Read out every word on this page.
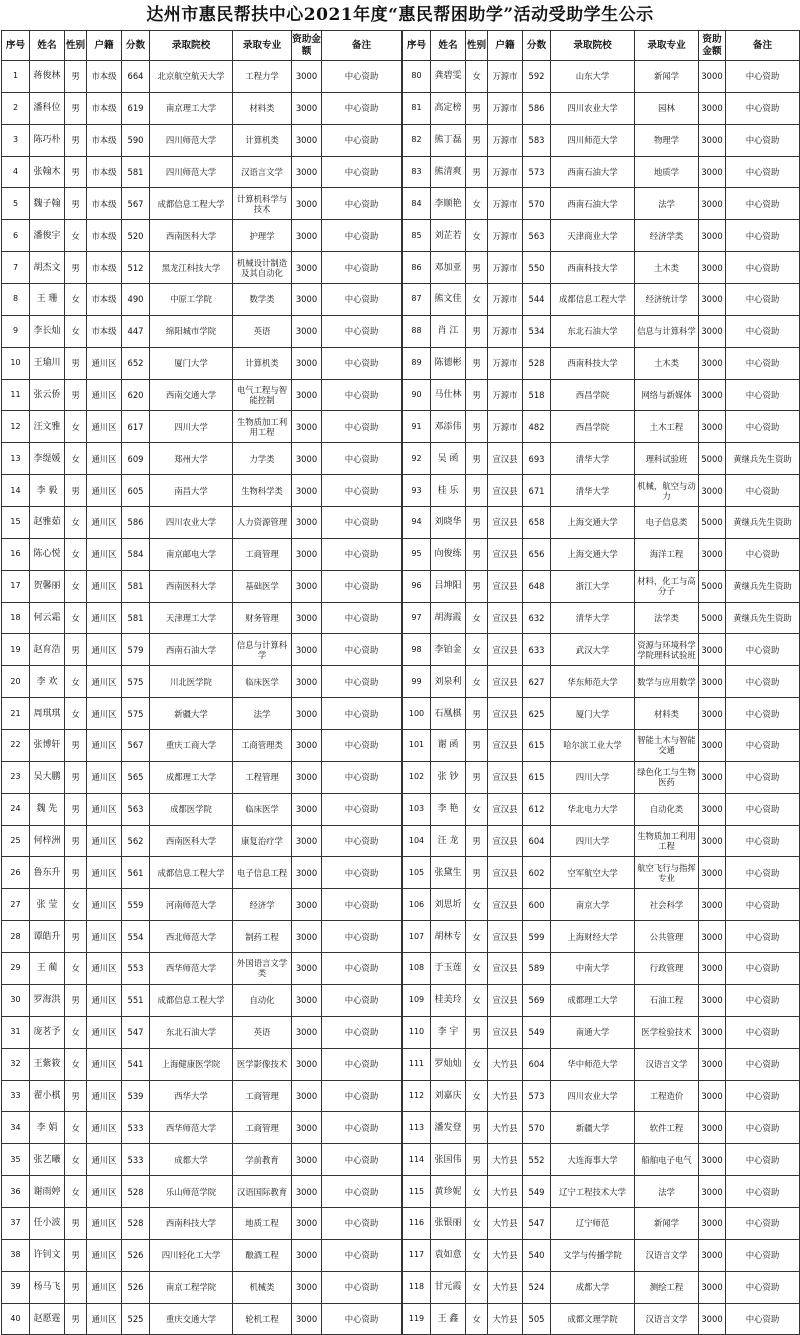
达州市惠民帮扶中心2021年度“惠民帮困助学”活动受助学生公示
序号	姓名	性别	户籍	分数	录取院校	录取专业	资助金额	备注
1	蒋俊林	男	市本级	664	北京航空航天大学	工程力学	3000	中心资助
2	潘科位	男	市本级	619	南京理工大学	材料类	3000	中心资助
3	陈巧朴	男	市本级	590	四川师范大学	计算机类	3000	中心资助
4	张翰木	男	市本级	581	四川师范大学	汉语言文学	3000	中心资助
5	魏子翰	男	市本级	567	成都信息工程大学	计算机科学与技术	3000	中心资助
6	潘俊宇	女	市本级	520	西南医科大学	护理学	3000	中心资助
7	胡杰文	男	市本级	512	黑龙江科技大学	机械设计制造及其自动化	3000	中心资助
8	王 珊	女	市本级	490	中原工学院	数学类	3000	中心资助
9	李长灿	女	市本级	447	绵阳城市学院	英语	3000	中心资助
10	王瑜川	男	通川区	652	厦门大学	计算机类	3000	中心资助
11	张云侨	男	通川区	620	西南交通大学	电气工程与智能控制	3000	中心资助
12	汪文雅	女	通川区	617	四川大学	生物质加工利用工程	3000	中心资助
13	李缇媛	女	通川区	609	郑州大学	力学类	3000	中心资助
14	李 毅	男	通川区	605	南昌大学	生物科学类	3000	中心资助
15	赵雅茹	女	通川区	586	四川农业大学	人力资源管理	3000	中心资助
16	陈心悦	女	通川区	584	南京邮电大学	工商管理	3000	中心资助
17	贺馨丽	女	通川区	581	西南医科大学	基础医学	3000	中心资助
18	何云霜	女	通川区	581	天津理工大学	财务管理	3000	中心资助
19	赵育浩	男	通川区	579	西南石油大学	信息与计算科学	3000	中心资助
20	李 欢	女	通川区	575	川北医学院	临床医学	3000	中心资助
21	周琪琪	女	通川区	575	新疆大学	法学	3000	中心资助
22	张博轩	男	通川区	567	重庆工商大学	工商管理类	3000	中心资助
23	吴大鹏	男	通川区	565	成都理工大学	工程管理	3000	中心资助
24	魏 先	男	通川区	563	成都医学院	临床医学	3000	中心资助
25	何梓洲	男	通川区	562	西南医科大学	康复治疗学	3000	中心资助
26	鲁东升	男	通川区	561	成都信息工程大学	电子信息工程	3000	中心资助
27	张 莹	女	通川区	559	河南师范大学	经济学	3000	中心资助
28	谭皓升	男	通川区	554	西北师范大学	制药工程	3000	中心资助
29	王 蔺	女	通川区	553	西华师范大学	外国语言文学类	3000	中心资助
30	罗海洪	男	通川区	551	成都信息工程大学	自动化	3000	中心资助
31	庞茗予	女	通川区	547	东北石油大学	英语	3000	中心资助
32	王紫筱	女	通川区	541	上海健康医学院	医学影像技术	3000	中心资助
33	翟小棋	男	通川区	539	西华大学	工商管理	3000	中心资助
34	李 娟	女	通川区	533	西华师范大学	工商管理	3000	中心资助
35	张艺曦	女	通川区	533	成都大学	学前教育	3000	中心资助
36	谢雨婷	女	通川区	528	乐山师范学院	汉语国际教育	3000	中心资助
37	任小波	男	通川区	528	西南科技大学	地质工程	3000	中心资助
38	许钊文	男	通川区	526	四川轻化工大学	酿酒工程	3000	中心资助
39	杨马飞	男	通川区	526	南京工程学院	机械类	3000	中心资助
40	赵愿霆	男	通川区	525	重庆交通大学	轮机工程	3000	中心资助
序号	姓名	性别	户籍	分数	录取院校	录取专业	资助金额	备注
80	龚碧雯	女	万源市	592	山东大学	新闻学	3000	中心资助
81	高定榜	男	万源市	586	四川农业大学	园林	3000	中心资助
82	熊丁磊	男	万源市	583	四川师范大学	物理学	3000	中心资助
83	熊清爽	男	万源市	573	西南石油大学	地质学	3000	中心资助
84	李顺艳	女	万源市	570	西南石油大学	法学	3000	中心资助
85	刘芷若	女	万源市	563	天津商业大学	经济学类	3000	中心资助
86	邓加亚	男	万源市	550	西南科技大学	土木类	3000	中心资助
87	熊文佳	女	万源市	544	成都信息工程大学	经济统计学	3000	中心资助
88	肖 江	男	万源市	534	东北石油大学	信息与计算科学	3000	中心资助
89	陈德彬	男	万源市	528	西南科技大学	土木类	3000	中心资助
90	马仕林	男	万源市	518	西昌学院	网络与新媒体	3000	中心资助
91	邓添伟	男	万源市	482	西昌学院	土木工程	3000	中心资助
92	吴 函	男	宣汉县	693	清华大学	理科试验班	5000	黄继兵先生资助
93	桂 乐	男	宣汉县	671	清华大学	机械，航空与动力	3000	中心资助
94	刘晓华	男	宣汉县	658	上海交通大学	电子信息类	5000	黄继兵先生资助
95	向俊练	男	宣汉县	656	上海交通大学	海洋工程	3000	中心资助
96	吕坤阳	男	宣汉县	648	浙江大学	材料，化工与高分子	5000	黄继兵先生资助
97	胡海霞	女	宣汉县	632	清华大学	法学类	5000	黄继兵先生资助
98	李铂金	女	宣汉县	633	武汉大学	资源与环境科学学院理科试验班	3000	中心资助
99	刘泉利	女	宣汉县	627	华东师范大学	数学与应用数学	3000	中心资助
100	石凰棋	男	宣汉县	625	厦门大学	材料类	3000	中心资助
101	谢 函	男	宣汉县	615	哈尔滨工业大学	智能土木与智能交通	3000	中心资助
102	张 钞	男	宣汉县	615	四川大学	绿色化工与生物医药	3000	中心资助
103	李 艳	女	宣汉县	612	华北电力大学	自动化类	3000	中心资助
104	汪 龙	男	宣汉县	604	四川大学	生物质加工利用工程	3000	中心资助
105	张黛生	男	宣汉县	602	空军航空大学	航空飞行与指挥专业	3000	中心资助
106	刘思圻	女	宣汉县	600	南京大学	社会科学	3000	中心资助
107	胡林专	女	宣汉县	599	上海财经大学	公共管理	3000	中心资助
108	于玉莲	女	宣汉县	589	中南大学	行政管理	3000	中心资助
109	桂美玲	女	宣汉县	569	成都理工大学	石油工程	3000	中心资助
110	李 宇	男	宣汉县	549	南通大学	医学检验技术	3000	中心资助
111	罗灿灿	女	大竹县	604	华中师范大学	汉语言文学	3000	中心资助
112	刘嘉庆	女	大竹县	573	四川农业大学	工程造价	3000	中心资助
113	潘发登	男	大竹县	570	新疆大学	软件工程	3000	中心资助
114	张国伟	男	大竹县	552	大连海事大学	船舶电子电气	3000	中心资助
115	黄珍妮	女	大竹县	549	辽宁工程技术大学	法学	3000	中心资助
116	张银丽	女	大竹县	547	辽宁师范	新闻学	3000	中心资助
117	袁如意	女	大竹县	540	文学与传播学院	汉语言文学	3000	中心资助
118	甘元霞	女	大竹县	524	成都大学	测绘工程	3000	中心资助
119	王 鑫	女	大竹县	505	成都文理学院	汉语言文学	3000	中心资助
